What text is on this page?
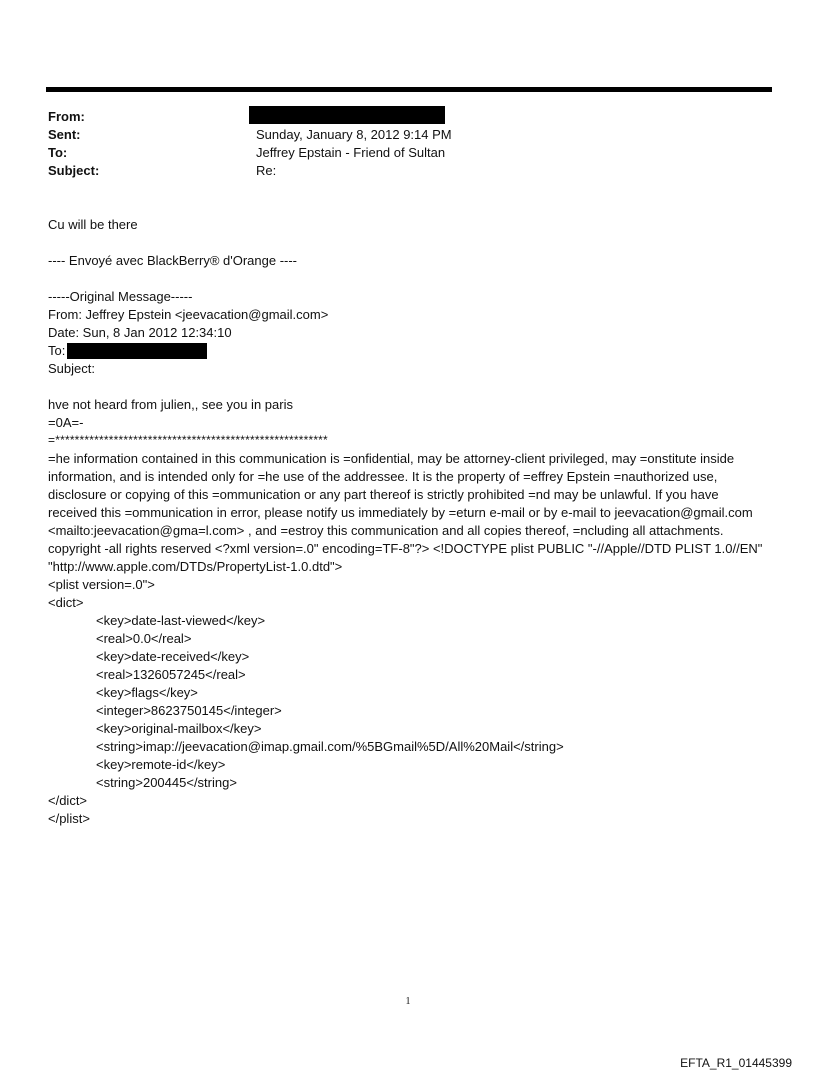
From:
Sent:	Sunday, January 8, 2012 9:14 PM
To:	Jeffrey Epstain - Friend of Sultan
Subject:	Re:
Cu will be there
---- Envoyé avec BlackBerry® d'Orange ----
-----Original Message-----
From: Jeffrey Epstein <jeevacation@gmail.com>
Date: Sun, 8 Jan 2012 12:34:10
To:
Subject:
hve not heard from julien,, see you in paris
=0A=-
=********************************************************
=he information contained in this communication is =onfidential, may be attorney-client privileged, may =onstitute inside information, and is intended only for =he use of the addressee. It is the property of =effrey Epstein =nauthorized use, disclosure or copying of this =ommunication or any part thereof is strictly prohibited =nd may be unlawful. If you have received this =ommunication in error, please notify us immediately by =eturn e-mail or by e-mail to jeevacation@gmail.com <mailto:jeevacation@gma=l.com> , and =estroy this communication and all copies thereof, =ncluding all attachments. copyright -all rights reserved <?xml version=.0" encoding=TF-8"?> <!DOCTYPE plist PUBLIC "-//Apple//DTD PLIST 1.0//EN" "http://www.apple.com/DTDs/PropertyList-1.0.dtd">
<plist version=.0">
<dict>
<key>date-last-viewed</key>
<real>0.0</real>
<key>date-received</key>
<real>1326057245</real>
<key>flags</key>
<integer>8623750145</integer>
<key>original-mailbox</key>
<string>imap://jeevacation@imap.gmail.com/%5BGmail%5D/All%20Mail</string>
<key>remote-id</key>
<string>200445</string>
</dict>
</plist>
1
EFTA_R1_01445399
